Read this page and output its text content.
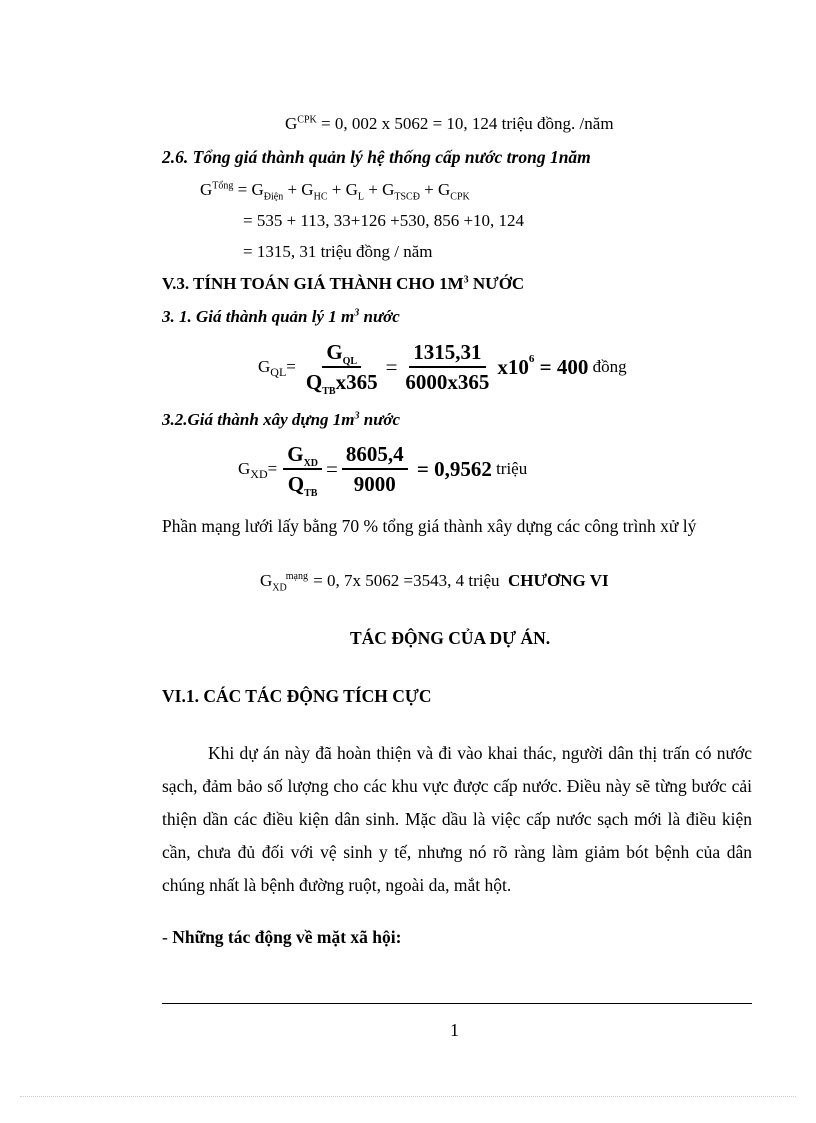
$G^{CPK} = 0$, 002 x 5062 = 10, 124 triệu đồng. /năm
2.6. Tổng giá thành quản lý hệ thống cấp nước trong 1năm
$G^{Tổng} = G_{Điện} + G_{HC} + G_L + G_{TSCĐ} + G_{CPK}$
= 535 + 113, 33+126 +530, 856 +10, 124
= 1315, 31 triệu đồng / năm
V.3. TÍNH TOÁN GIÁ THÀNH CHO $1M^3$ NƯỚC
3. 1. Giá thành quản lý 1 $m^3$ nước
$G_{QL} = \frac{G_{QL}}{Q_{TB}x365} = \frac{1315,31}{6000x365} x10^6 = 400$ đồng
3.2.Giá thành xây dựng $1m^3$ nước
$G_{XD} = \frac{G_{XD}}{Q_{TB}} = \frac{8605,4}{9000} = 0,9562$ triệu
Phần mạng lưới lấy bằng 70 % tổng giá thành xây dựng các công trình xử lý
$G_{XD}^{mạng} = 0$, 7x 5062 =3543, 4 triệu  CHƯƠNG VI
TÁC ĐỘNG CỦA DỰ ÁN.
VI.1. CÁC TÁC ĐỘNG TÍCH CỰC
Khi dự án này đã hoàn thiện và đi vào khai thác, người dân thị trấn có nước sạch, đảm bảo số lượng cho các khu vực được cấp nước. Điều này sẽ từng bước cải thiện dần các điều kiện dân sinh. Mặc dầu là việc cấp nước sạch mới là điều kiện cần, chưa đủ đối với vệ sinh y tế, nhưng nó rõ ràng làm giảm bót bệnh của dân chúng nhất là bệnh đường ruột, ngoài da, mắt hột.
- Những tác động về mặt xã hội:
1
